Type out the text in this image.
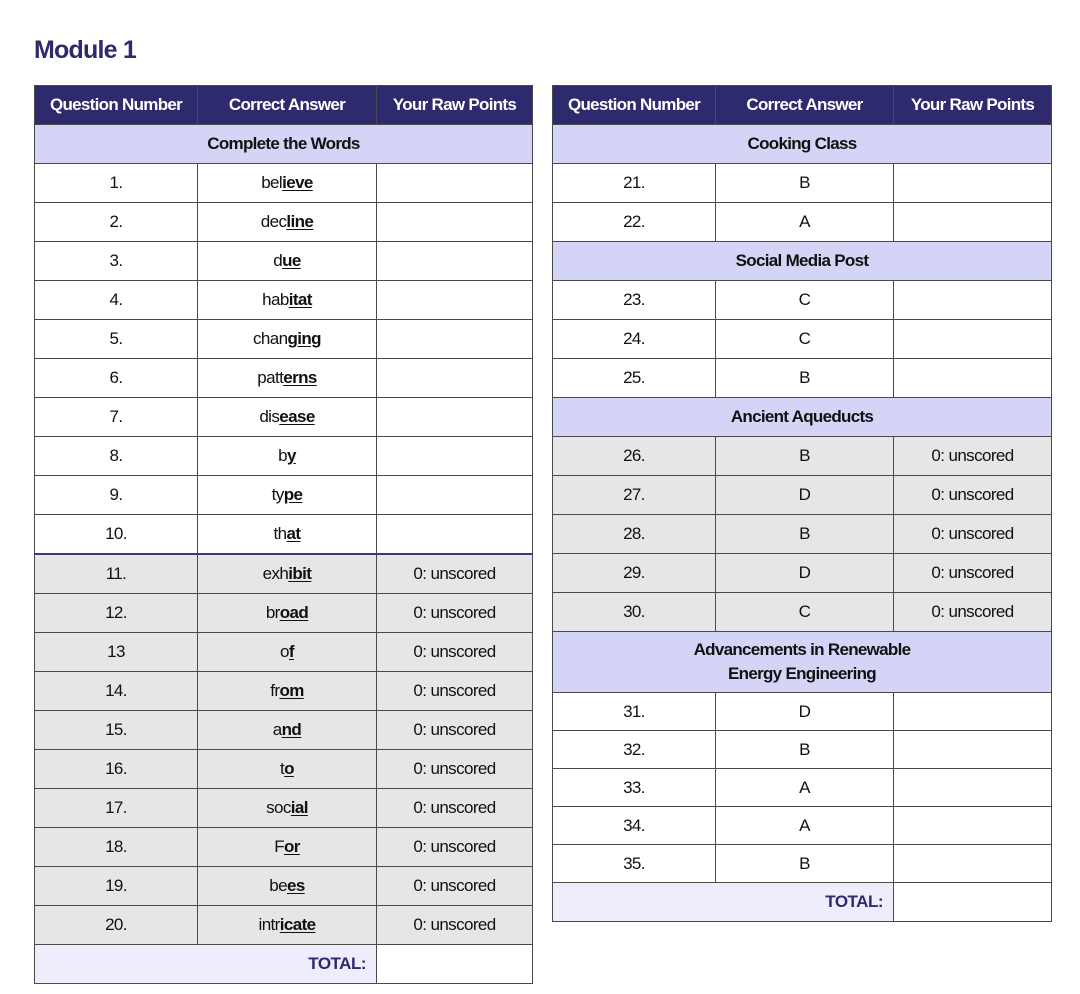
Module 1
Question Number	Correct Answer	Your Raw Points
Complete the Words		
1.	believe	
2.	decline	
3.	due	
4.	habitat	
5.	changing	
6.	patterns	
7.	disease	
8.	by	
9.	type	
10.	that	
11.	exhibit	0: unscored
12.	broad	0: unscored
13	of	0: unscored
14.	from	0: unscored
15.	and	0: unscored
16.	to	0: unscored
17.	social	0: unscored
18.	For	0: unscored
19.	bees	0: unscored
20.	intricate	0: unscored
TOTAL:		
Question Number	Correct Answer	Your Raw Points
Cooking Class		
21.	B	
22.	A	
Social Media Post		
23.	C	
24.	C	
25.	B	
Ancient Aqueducts		
26.	B	0: unscored
27.	D	0: unscored
28.	B	0: unscored
29.	D	0: unscored
30.	C	0: unscored
Advancements in Renewable
Energy Engineering		
31.	D	
32.	B	
33.	A	
34.	A	
35.	B	
TOTAL:		
